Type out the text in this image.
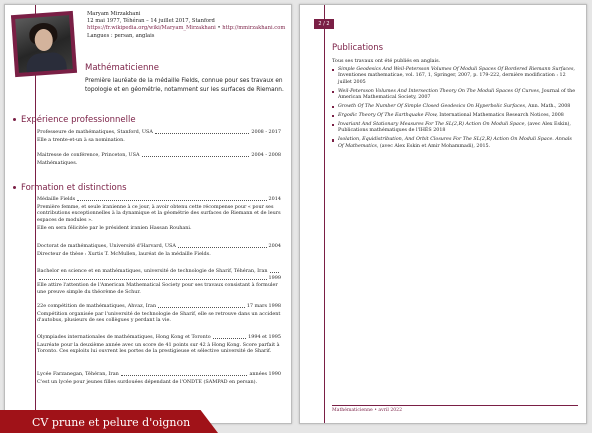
Maryam Mirzakhani
12 mai 1977, Téhéran – 14 juillet 2017, Stanford
https://fr.wikipedia.org/wiki/Maryam_Mirzakhani • http://mmirzakhani.com
Langues : persan, anglais
Mathématicienne
Première lauréate de la médaille Fields, connue pour ses travaux en topologie et en géométrie, notamment sur les surfaces de Riemann.
Expérience professionnelle
Professeure de mathématiques, Stanford, USA	2008 - 2017
Elle a trente-et-un à sa nomination.
Maitresse de conférence, Princeton, USA	2004 - 2008
Mathématiques.
Formation et distinctions
Médaille Fields	2014
Première femme, et seule iranienne à ce jour, à avoir obtenu cette récompense pour « pour ses contributions exceptionnelles à la dynamique et la géométrie des surfaces de Riemann et de leurs espaces de modules ».
Elle en sera félicitée par le président iranien Hassan Rouhani.
Doctorat de mathématiques, Université d'Harvard, USA	2004
Directeur de thèse : Xurtis T. McMullen, lauréat de la médaille Fields.
Bachelor en science et en mathématiques, université de technologie de Sharif, Téhéran, Iran
1999
Elle attire l'attention de l'American Mathematical Society pour ses travaux consistant à formuler une preuve simple du théorème de Schur.
22e compétition de mathématiques, Ahvaz, Iran	17 mars 1998
Compétition organisée par l'université de technologie de Sharif, elle se retrouve dans un accident d'autobus, plusieurs de ses collègues y perdant la vie.
Olympiades internationales de mathématiques, Hong Kong et Toronto	1994 et 1995
Lauréate pour la deuxième année avec un score de 41 points sur 42 à Hong Kong. Score parfait à Toronto. Ces exploits lui ouvrent les portes de la prestigieuse et sélective université de Sharif.
Lycée Farzanegan, Téhéran, Iran	années 1990
C'est un lycée pour jeunes filles surdouées dépendant de l'ONDTE (SAMPAD en persan).
2 / 2
Publications
Tous ses travaux ont été publiés en anglais.
Simple Geodesics And Weil-Petersson Volumes Of Moduli Spaces Of Bordered Riemann Surfaces, Inventiones mathematicae, vol. 167, 1, Springer, 2007, p. 179-222, dernière modification : 12 juillet 2005
Weil-Petersson Volumes And Intersection Theory On The Moduli Spaces Of Curves, Journal of the American Mathematical Society, 2007
Growth Of The Number Of Simple Closed Geodesics On Hyperbolic Surfaces, Ann. Math., 2008
Ergodic Theory Of The Earthquake Flow, International Mathematics Research Notices, 2008
Invariant And Stationary Measures For The SL(2,R) Action On Moduli Space, (avec Alex Eskin), Publications mathématiques de l'IHÉS 2018
Isolation, Equidistribution, And Orbit Closures For The SL(2,R) Action On Moduli Space. Annals Of Mathematics, (avec Alex Eskin et Amir Mohammadi), 2015.
Mathématicienne • avril 2022
CV prune et pelure d'oignon
